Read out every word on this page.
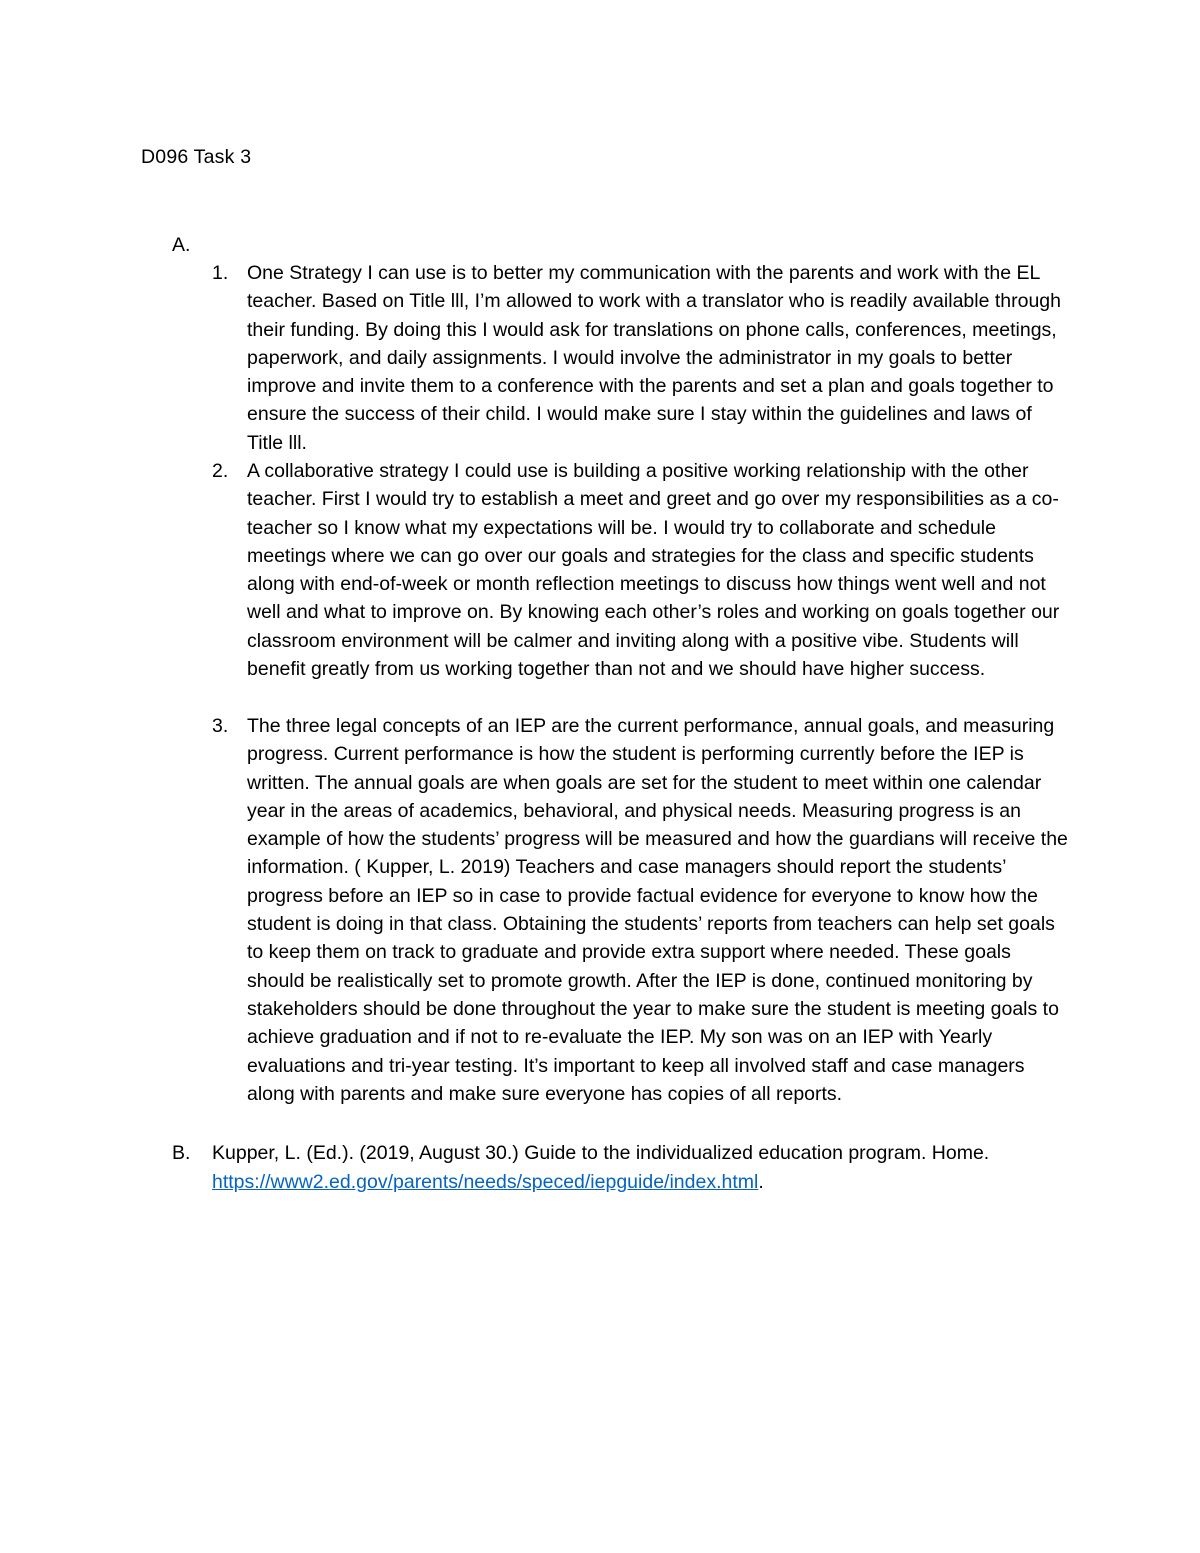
D096 Task 3
A.
1. One Strategy I can use is to better my communication with the parents and work with the EL teacher. Based on Title lll, I’m allowed to work with a translator who is readily available through their funding. By doing this I would ask for translations on phone calls, conferences, meetings, paperwork, and daily assignments. I would involve the administrator in my goals to better improve and invite them to a conference with the parents and set a plan and goals together to ensure the success of their child. I would make sure I stay within the guidelines and laws of Title lll.
2. A collaborative strategy I could use is building a positive working relationship with the other teacher. First I would try to establish a meet and greet and go over my responsibilities as a co-teacher so I know what my expectations will be. I would try to collaborate and schedule meetings where we can go over our goals and strategies for the class and specific students along with end-of-week or month reflection meetings to discuss how things went well and not well and what to improve on. By knowing each other’s roles and working on goals together our classroom environment will be calmer and inviting along with a positive vibe. Students will benefit greatly from us working together than not and we should have higher success.
3. The three legal concepts of an IEP are the current performance, annual goals, and measuring progress. Current performance is how the student is performing currently before the IEP is written. The annual goals are when goals are set for the student to meet within one calendar year in the areas of academics, behavioral, and physical needs. Measuring progress is an example of how the students’ progress will be measured and how the guardians will receive the information. ( Kupper, L. 2019) Teachers and case managers should report the students’ progress before an IEP so in case to provide factual evidence for everyone to know how the student is doing in that class. Obtaining the students’ reports from teachers can help set goals to keep them on track to graduate and provide extra support where needed. These goals should be realistically set to promote growth. After the IEP is done, continued monitoring by stakeholders should be done throughout the year to make sure the student is meeting goals to achieve graduation and if not to re-evaluate the IEP. My son was on an IEP with Yearly evaluations and tri-year testing. It’s important to keep all involved staff and case managers along with parents and make sure everyone has copies of all reports.
B. Kupper, L. (Ed.). (2019, August 30.) Guide to the individualized education program. Home.
https://www2.ed.gov/parents/needs/speced/iepguide/index.html.
